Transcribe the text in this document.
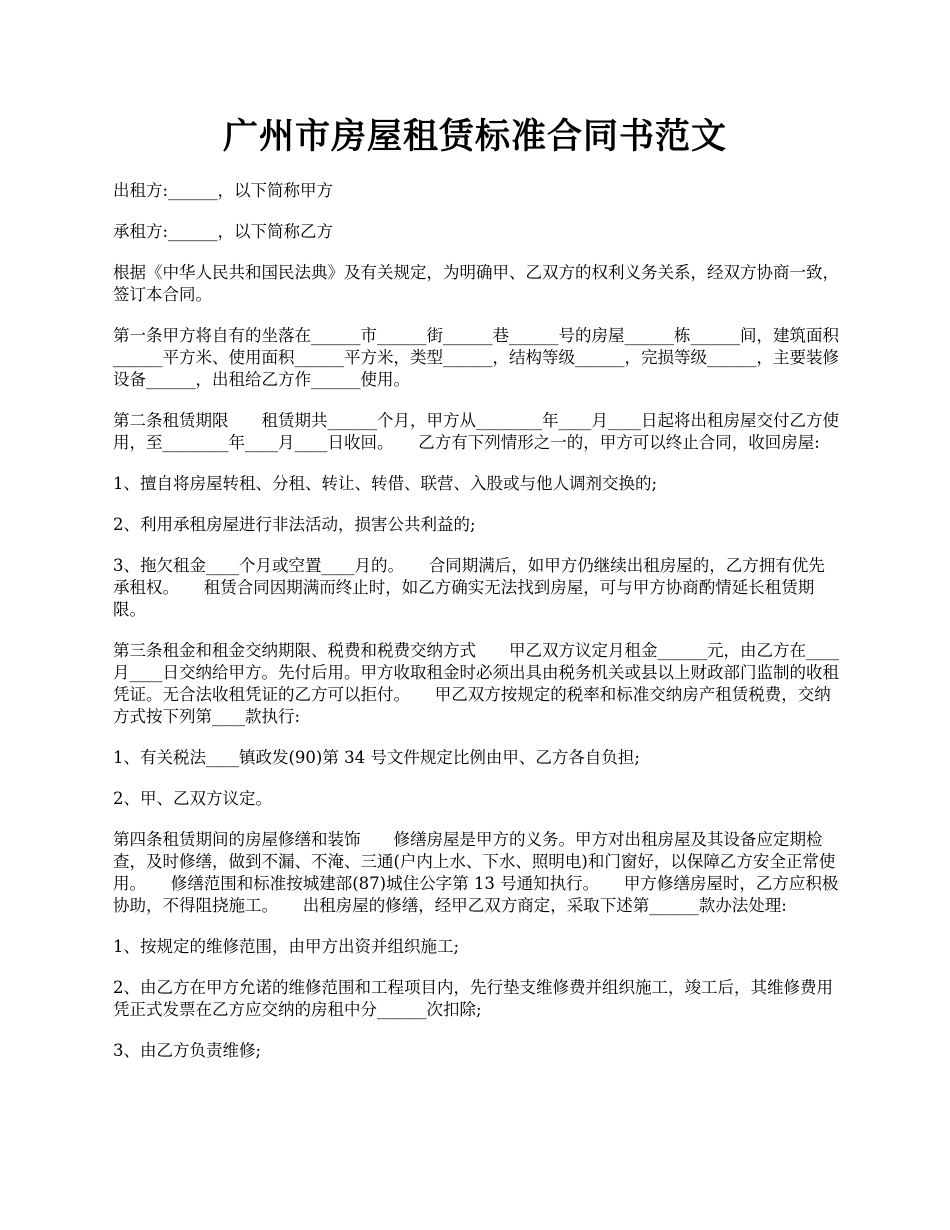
广州市房屋租赁标准合同书范文

出租方:______，以下简称甲方

承租方:______，以下简称乙方

根据《中华人民共和国民法典》及有关规定，为明确甲、乙双方的权利义务关系，经双方协商一致，签订本合同。

第一条甲方将自有的坐落在______市______街______巷______号的房屋______栋______间，建筑面积______平方米、使用面积______平方米，类型______，结构等级______，完损等级______，主要装修设备______，出租给乙方作______使用。

第二条租赁期限　　租赁期共______个月，甲方从________年____月____日起将出租房屋交付乙方使用，至________年____月____日收回。　　乙方有下列情形之一的，甲方可以终止合同，收回房屋:

1、擅自将房屋转租、分租、转让、转借、联营、入股或与他人调剂交换的;

2、利用承租房屋进行非法活动，损害公共利益的;

3、拖欠租金____个月或空置____月的。　　合同期满后，如甲方仍继续出租房屋的，乙方拥有优先承租权。　　租赁合同因期满而终止时，如乙方确实无法找到房屋，可与甲方协商酌情延长租赁期限。

第三条租金和租金交纳期限、税费和税费交纳方式　　甲乙双方议定月租金______元，由乙方在____月____日交纳给甲方。先付后用。甲方收取租金时必须出具由税务机关或县以上财政部门监制的收租凭证。无合法收租凭证的乙方可以拒付。　　甲乙双方按规定的税率和标准交纳房产租赁税费，交纳方式按下列第____款执行:

1、有关税法____镇政发(90)第 34 号文件规定比例由甲、乙方各自负担;

2、甲、乙双方议定。

第四条租赁期间的房屋修缮和装饰　　修缮房屋是甲方的义务。甲方对出租房屋及其设备应定期检查，及时修缮，做到不漏、不淹、三通(户内上水、下水、照明电)和门窗好，以保障乙方安全正常使用。　　修缮范围和标准按城建部(87)城住公字第 13 号通知执行。　　甲方修缮房屋时，乙方应积极协助，不得阻挠施工。　　出租房屋的修缮，经甲乙双方商定，采取下述第______款办法处理:

1、按规定的维修范围，由甲方出资并组织施工;

2、由乙方在甲方允诺的维修范围和工程项目内，先行垫支维修费并组织施工，竣工后，其维修费用凭正式发票在乙方应交纳的房租中分______次扣除;

3、由乙方负责维修;
